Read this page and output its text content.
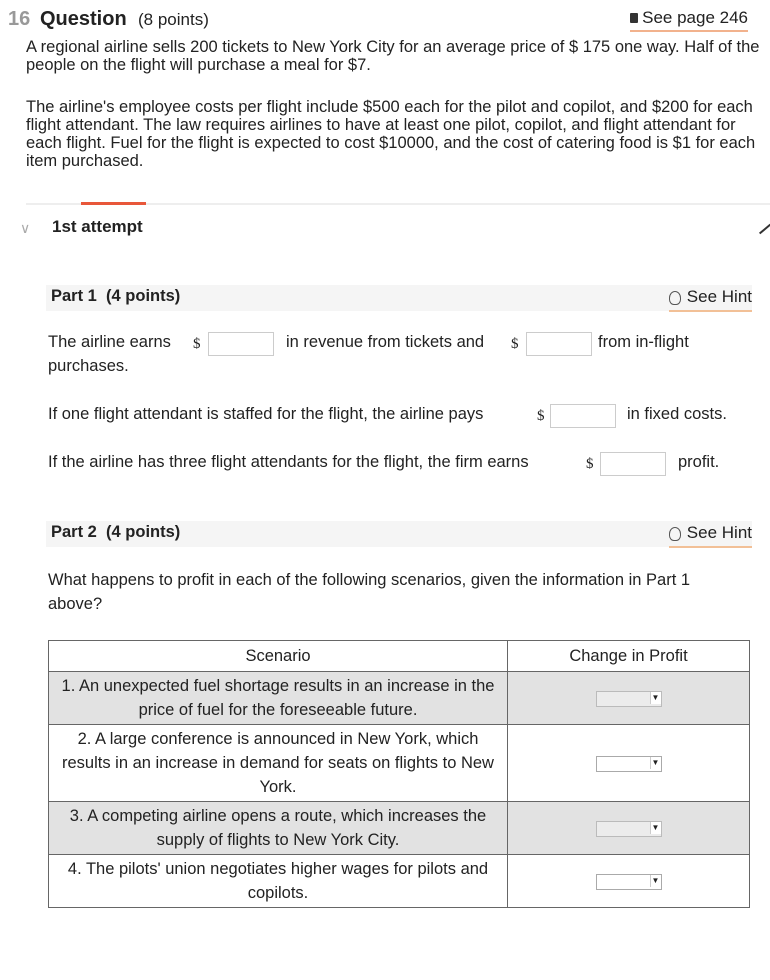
16 Question (8 points)	See page 246
A regional airline sells 200 tickets to New York City for an average price of $ 175 one way. Half of the people on the flight will purchase a meal for $7.
The airline's employee costs per flight include $500 each for the pilot and copilot, and $200 for each flight attendant. The law requires airlines to have at least one pilot, copilot, and flight attendant for each flight. Fuel for the flight is expected to cost $10000, and the cost of catering food is $1 for each item purchased.
∨ 1st attempt
Part 1 (4 points)	See Hint
The airline earns $	in revenue from tickets and $	from in-flight
purchases.
If one flight attendant is staffed for the flight, the airline pays	$	in fixed costs.
If the airline has three flight attendants for the flight, the firm earns	$	profit.
Part 2 (4 points)	See Hint
What happens to profit in each of the following scenarios, given the information in Part 1 above?
Scenario	Change in Profit
1. An unexpected fuel shortage results in an increase in the price of fuel for the foreseeable future.	▼

2. A large conference is announced in New York, which results in an increase in demand for seats on flights to New York.	▼

3. A competing airline opens a route, which increases the supply of flights to New York City.	▼

4. The pilots' union negotiates higher wages for pilots and copilots.	▼
